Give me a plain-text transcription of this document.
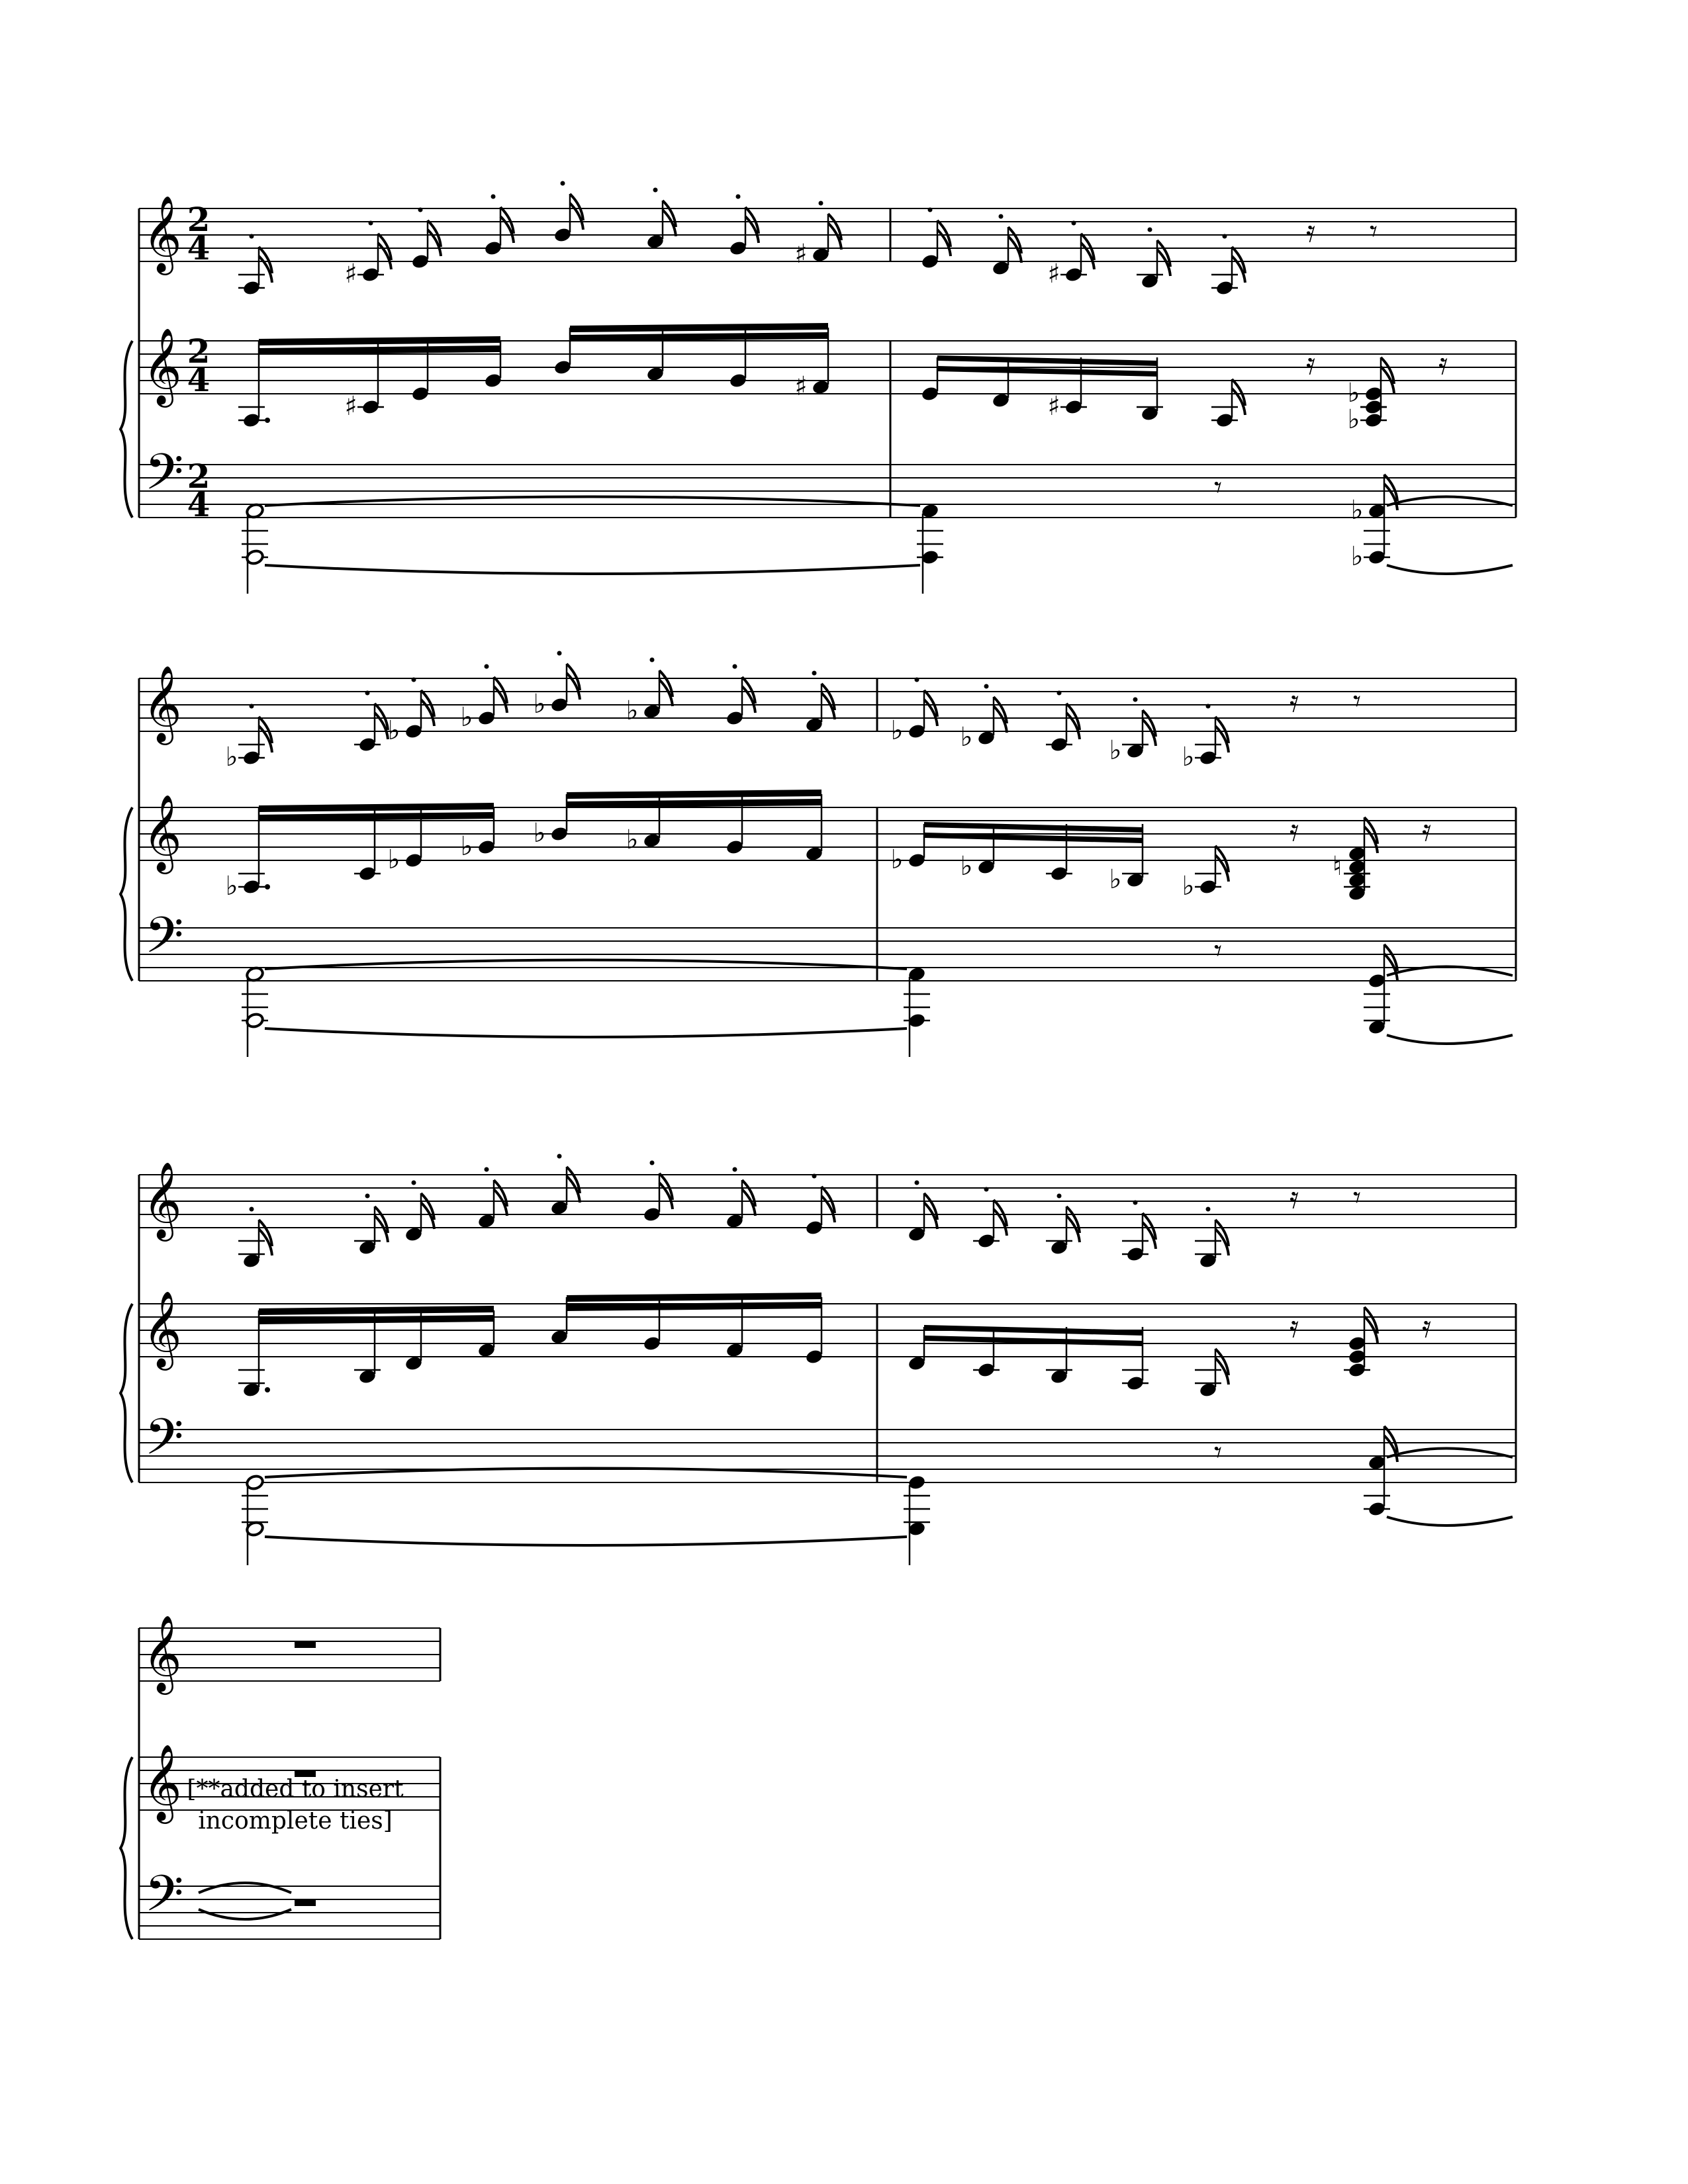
𝄞
𝄞
𝄢
𝄞
𝄞
𝄢
𝄞
𝄞
𝄢
𝄞
𝄞
𝄢
♯
♯
♯
𝄿 𝄾
♯
♯
♯
𝄿
♭
♭
𝄿
𝄾
♭
♭
♭
♭ ♭ ♭	♭
♭ ♭	♭ ♭
𝄿 𝄾
♭
♭ ♭ ♭	♭
♭ ♭	♭ ♭
𝄿
♮
𝄿
𝄾
𝄿 𝄾
𝄿	𝄿
𝄾
2
4
2
4
2
4
[**added to insert
incomplete ties]
